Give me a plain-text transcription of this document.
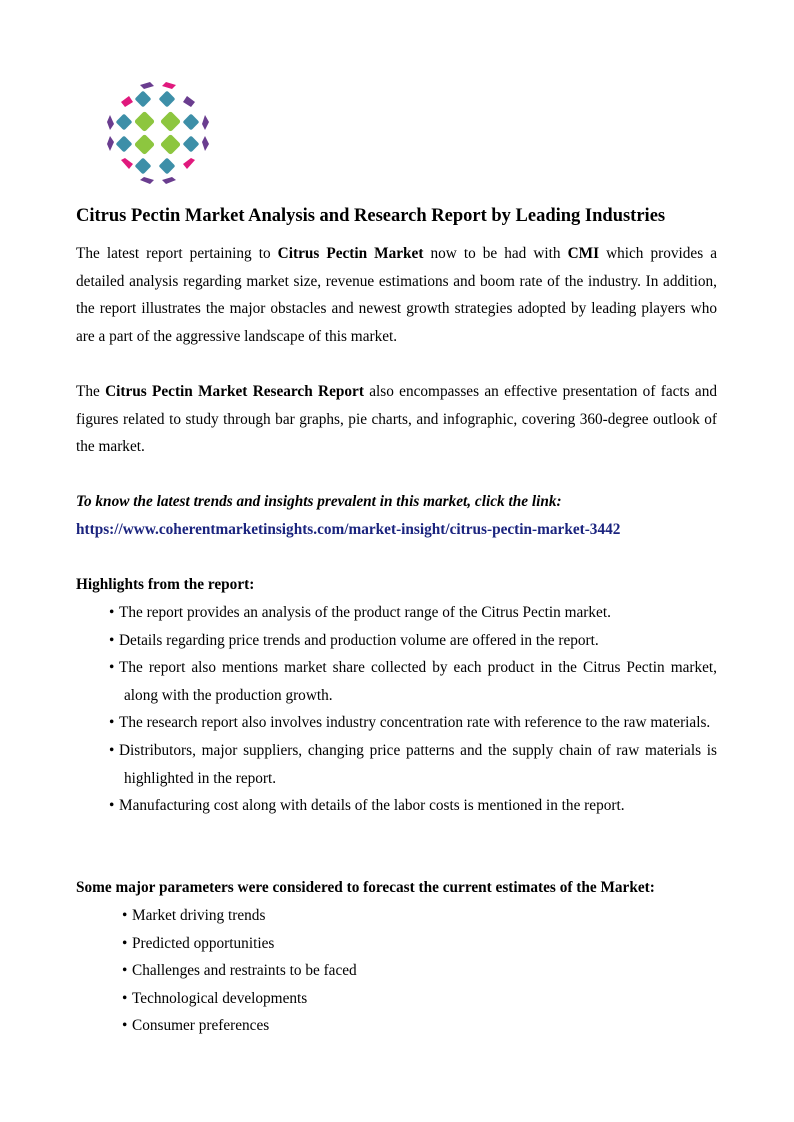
Citrus Pectin Market Analysis and Research Report by Leading Industries

The latest report pertaining to Citrus Pectin Market now to be had with CMI which provides a detailed analysis regarding market size, revenue estimations and boom rate of the industry. In addition, the report illustrates the major obstacles and newest growth strategies adopted by leading players who are a part of the aggressive landscape of this market.

The Citrus Pectin Market Research Report also encompasses an effective presentation of facts and figures related to study through bar graphs, pie charts, and infographic, covering 360-degree outlook of the market.

To know the latest trends and insights prevalent in this market, click the link:

https://www.coherentmarketinsights.com/market-insight/citrus-pectin-market-3442

Highlights from the report:

• The report provides an analysis of the product range of the Citrus Pectin market.
• Details regarding price trends and production volume are offered in the report.
• The report also mentions market share collected by each product in the Citrus Pectin market, along with the production growth.
• The research report also involves industry concentration rate with reference to the raw materials.
• Distributors, major suppliers, changing price patterns and the supply chain of raw materials is highlighted in the report.
• Manufacturing cost along with details of the labor costs is mentioned in the report.

Some major parameters were considered to forecast the current estimates of the Market:

• Market driving trends
• Predicted opportunities
• Challenges and restraints to be faced
• Technological developments
• Consumer preferences
